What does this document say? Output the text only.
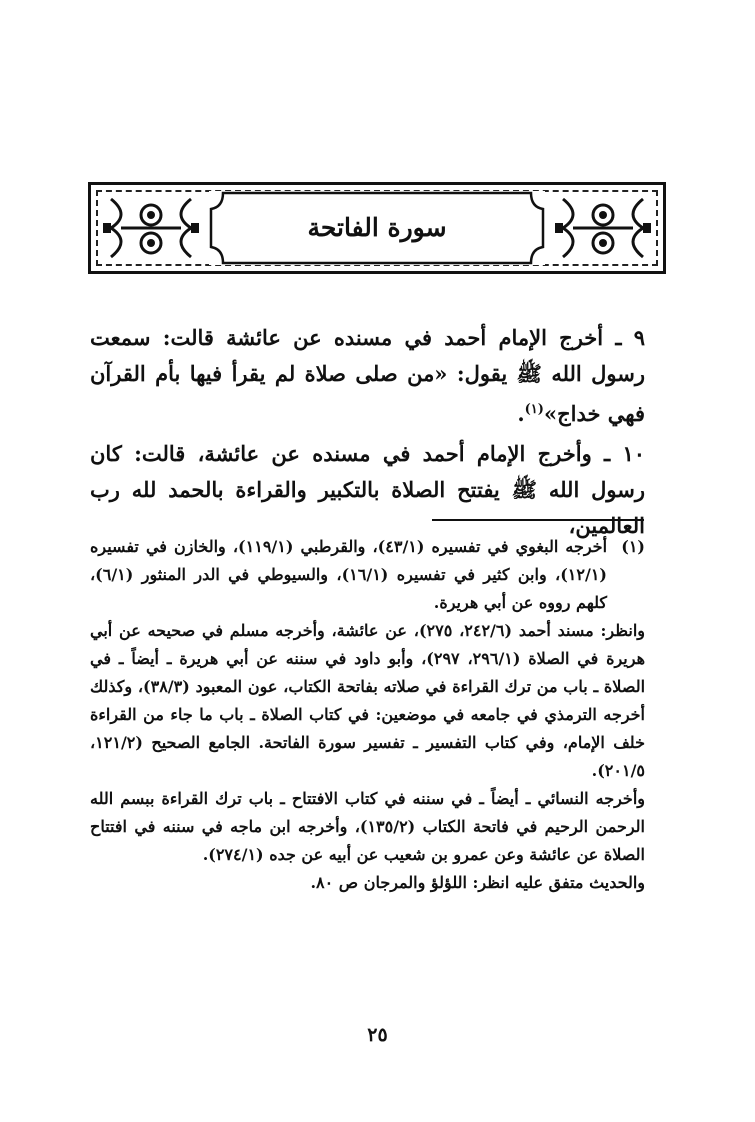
سورة الفاتحة

٩ ـ أخرج الإمام أحمد في مسنده عن عائشة قالت: سمعت رسول الله ﷺ يقول: «من صلى صلاة لم يقرأ فيها بأم القرآن فهي خداج»$^{(١)}$.

١٠ ـ وأخرج الإمام أحمد في مسنده عن عائشة، قالت: كان رسول الله ﷺ يفتتح الصلاة بالتكبير والقراءة بالحمد لله رب العالمين،

(١)

أخرجه البغوي في تفسيره (٤٣/١)، والقرطبي (١١٩/١)، والخازن في تفسيره (١٢/١)، وابن كثير في تفسيره (١٦/١)، والسيوطي في الدر المنثور (٦/١)، كلهم رووه عن أبي هريرة.

وانظر: مسند أحمد (٢٤٢/٦، ٢٧٥)، عن عائشة، وأخرجه مسلم في صحيحه عن أبي هريرة في الصلاة (٢٩٦/١، ٢٩٧)، وأبو داود في سننه عن أبي هريرة ـ أيضاً ـ في الصلاة ـ باب من ترك القراءة في صلاته بفاتحة الكتاب، عون المعبود (٣٨/٣)، وكذلك أخرجه الترمذي في جامعه في موضعين: في كتاب الصلاة ـ باب ما جاء من القراءة خلف الإمام، وفي كتاب التفسير ـ تفسير سورة الفاتحة. الجامع الصحيح (١٢١/٢، ٢٠١/٥).

وأخرجه النسائي ـ أيضاً ـ في سننه في كتاب الافتتاح ـ باب ترك القراءة ببسم الله الرحمن الرحيم في فاتحة الكتاب (١٣٥/٢)، وأخرجه ابن ماجه في سننه في افتتاح الصلاة عن عائشة وعن عمرو بن شعيب عن أبيه عن جده (٢٧٤/١).

والحديث متفق عليه انظر: اللؤلؤ والمرجان ص ٨٠.

٢٥
